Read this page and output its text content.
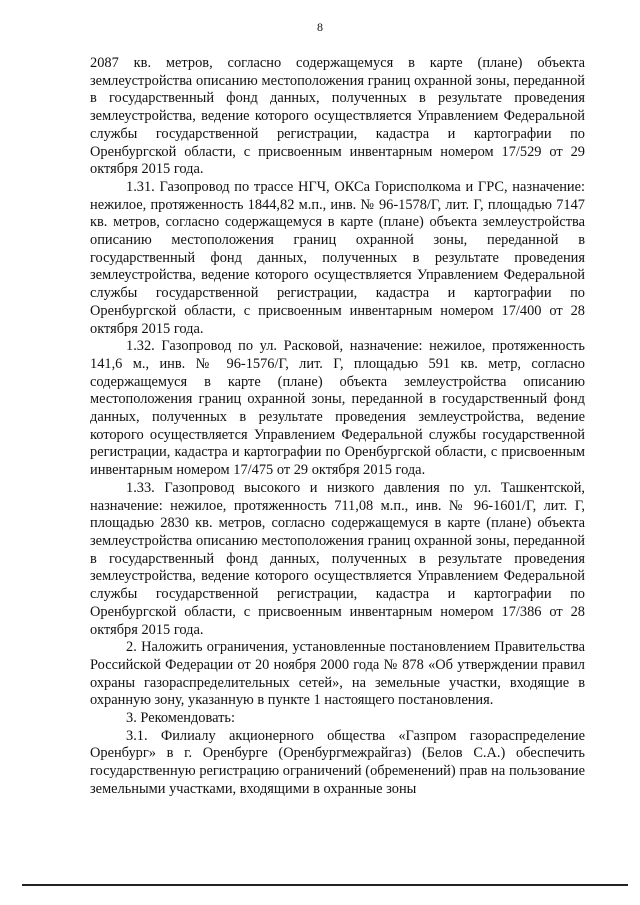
8

2087 кв. метров, согласно содержащемуся в карте (плане) объекта землеустройства описанию местоположения границ охранной зоны, переданной в государственный фонд данных, полученных в результате проведения землеустройства, ведение которого осуществляется Управлением Федеральной службы государственной регистрации, кадастра и картографии по Оренбургской области, с присвоенным инвентарным номером 17/529 от 29 октября 2015 года.

1.31. Газопровод по трассе НГЧ, ОКСа Горисполкома и ГРС, назначение: нежилое, протяженность 1844,82 м.п., инв. № 96-1578/Г, лит. Г, площадью 7147 кв. метров, согласно содержащемуся в карте (плане) объекта землеустройства описанию местоположения границ охранной зоны, переданной в государственный фонд данных, полученных в результате проведения землеустройства, ведение которого осуществляется Управлением Федеральной службы государственной регистрации, кадастра и картографии по Оренбургской области, с присвоенным инвентарным номером 17/400 от 28 октября 2015 года.

1.32. Газопровод по ул. Расковой, назначение: нежилое, протяженность 141,6 м., инв. № 96-1576/Г, лит. Г, площадью 591 кв. метр, согласно содержащемуся в карте (плане) объекта землеустройства описанию местоположения границ охранной зоны, переданной в государственный фонд данных, полученных в результате проведения землеустройства, ведение которого осуществляется Управлением Федеральной службы государственной регистрации, кадастра и картографии по Оренбургской области, с присвоенным инвентарным номером 17/475 от 29 октября 2015 года.

1.33. Газопровод высокого и низкого давления по ул. Ташкентской, назначение: нежилое, протяженность 711,08 м.п., инв. № 96-1601/Г, лит. Г, площадью 2830 кв. метров, согласно содержащемуся в карте (плане) объекта землеустройства описанию местоположения границ охранной зоны, переданной в государственный фонд данных, полученных в результате проведения землеустройства, ведение которого осуществляется Управлением Федеральной службы государственной регистрации, кадастра и картографии по Оренбургской области, с присвоенным инвентарным номером 17/386 от 28 октября 2015 года.

2. Наложить ограничения, установленные постановлением Правительства Российской Федерации от 20 ноября 2000 года № 878 «Об утверждении правил охраны газораспределительных сетей», на земельные участки, входящие в охранную зону, указанную в пункте 1 настоящего постановления.

3. Рекомендовать:

3.1. Филиалу акционерного общества «Газпром газораспределение Оренбург» в г. Оренбурге (Оренбургмежрайгаз) (Белов С.А.) обеспечить государственную регистрацию ограничений (обременений) прав на пользование земельными участками, входящими в охранные зоны
